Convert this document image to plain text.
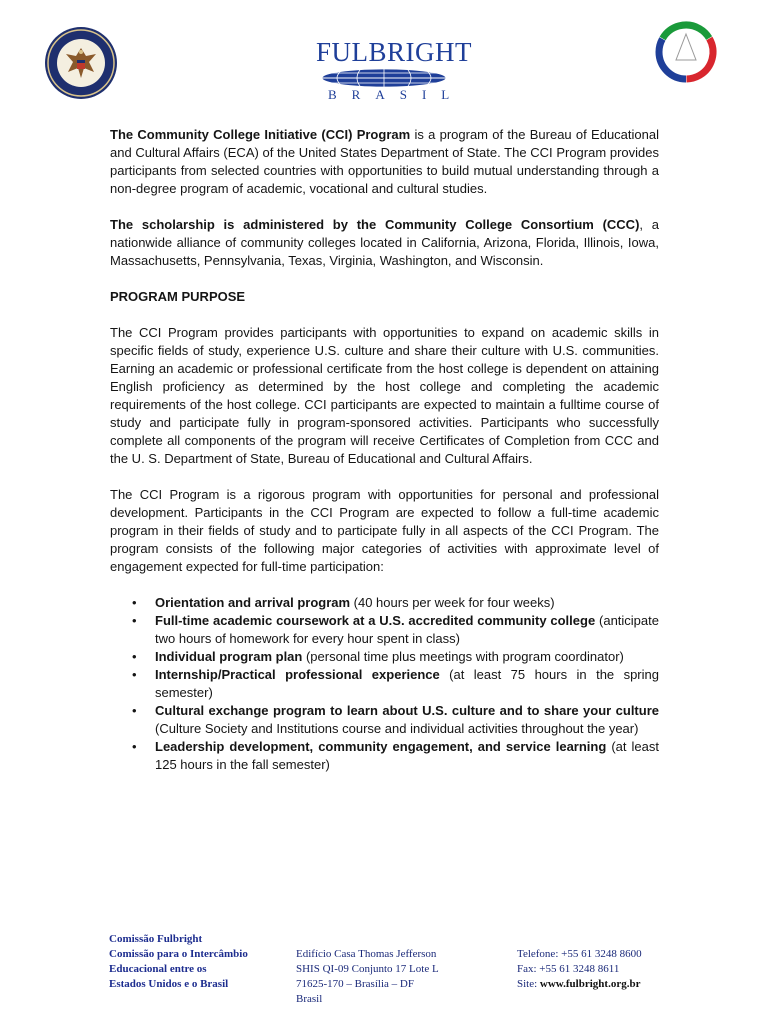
FULBRIGHT
BRASIL

The Community College Initiative (CCI) Program is a program of the Bureau of Educational and Cultural Affairs (ECA) of the United States Department of State. The CCI Program provides participants from selected countries with opportunities to build mutual understanding through a non-degree program of academic, vocational and cultural studies.

The scholarship is administered by the Community College Consortium (CCC), a nationwide alliance of community colleges located in California, Arizona, Florida, Illinois, Iowa, Massachusetts, Pennsylvania, Texas, Virginia, Washington, and Wisconsin.

PROGRAM PURPOSE

The CCI Program provides participants with opportunities to expand on academic skills in specific fields of study, experience U.S. culture and share their culture with U.S. communities. Earning an academic or professional certificate from the host college is dependent on attaining English proficiency as determined by the host college and completing the academic requirements of the host college. CCI participants are expected to maintain a fulltime course of study and participate fully in program-sponsored activities. Participants who successfully complete all components of the program will receive Certificates of Completion from CCC and the U. S. Department of State, Bureau of Educational and Cultural Affairs.

The CCI Program is a rigorous program with opportunities for personal and professional development. Participants in the CCI Program are expected to follow a full-time academic program in their fields of study and to participate fully in all aspects of the CCI Program. The program consists of the following major categories of activities with approximate level of engagement expected for full-time participation:

• Orientation and arrival program (40 hours per week for four weeks)
• Full-time academic coursework at a U.S. accredited community college (anticipate two hours of homework for every hour spent in class)
• Individual program plan (personal time plus meetings with program coordinator)
• Internship/Practical professional experience (at least 75 hours in the spring semester)
• Cultural exchange program to learn about U.S. culture and to share your culture (Culture Society and Institutions course and individual activities throughout the year)
• Leadership development, community engagement, and service learning (at least 125 hours in the fall semester)
Comissão Fulbright
Comissão para o Intercâmbio
Educacional entre os
Estados Unidos e o Brasil
Edifício Casa Thomas Jefferson
SHIS QI-09 Conjunto 17 Lote L
71625-170 – Brasília – DF
Brasil
Telefone: +55 61 3248 8600
Fax: +55 61 3248 8611
Site: www.fulbright.org.br
